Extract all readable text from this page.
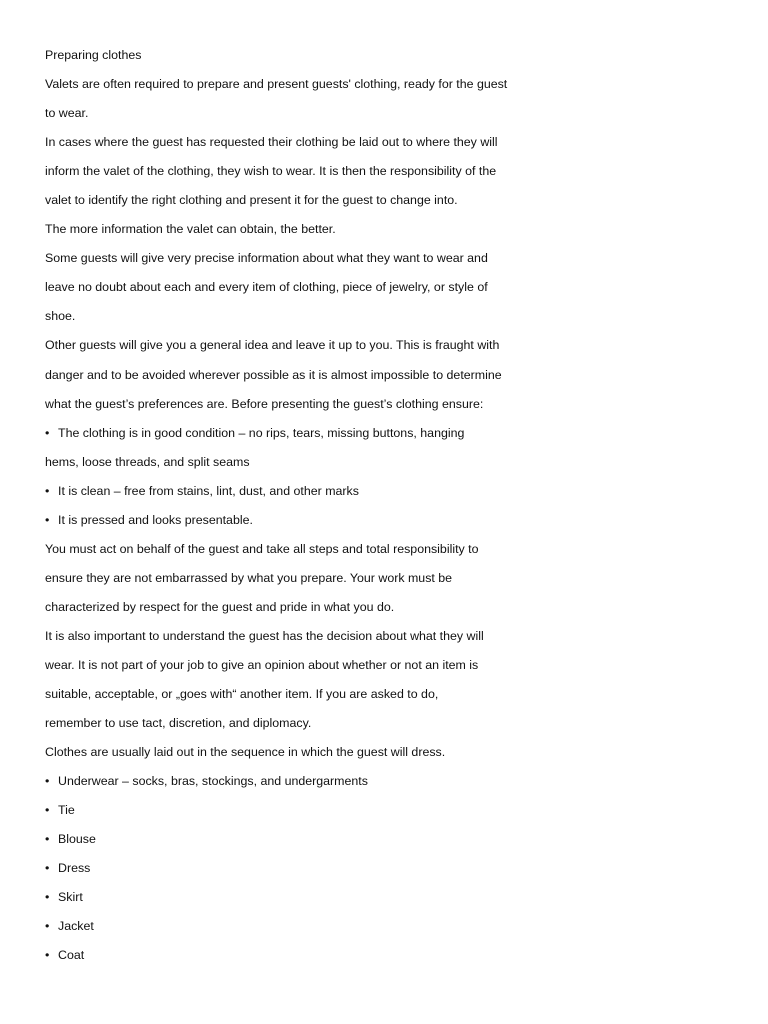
Preparing clothes
Valets are often required to prepare and present guests' clothing, ready for the guest
to wear.
In cases where the guest has requested their clothing be laid out to where they will
inform the valet of the clothing, they wish to wear. It is then the responsibility of the
valet to identify the right clothing and present it for the guest to change into.
The more information the valet can obtain, the better.
Some guests will give very precise information about what they want to wear and
leave no doubt about each and every item of clothing, piece of jewelry, or style of
shoe.
Other guests will give you a general idea and leave it up to you. This is fraught with
danger and to be avoided wherever possible as it is almost impossible to determine
what the guest’s preferences are. Before presenting the guest’s clothing ensure:
• The clothing is in good condition – no rips, tears, missing buttons, hanging
hems, loose threads, and split seams
• It is clean – free from stains, lint, dust, and other marks
• It is pressed and looks presentable.
You must act on behalf of the guest and take all steps and total responsibility to
ensure they are not embarrassed by what you prepare. Your work must be
characterized by respect for the guest and pride in what you do.
It is also important to understand the guest has the decision about what they will
wear. It is not part of your job to give an opinion about whether or not an item is
suitable, acceptable, or „goes with“ another item. If you are asked to do,
remember to use tact, discretion, and diplomacy.
Clothes are usually laid out in the sequence in which the guest will dress.
• Underwear – socks, bras, stockings, and undergarments
• Tie
• Blouse
• Dress
• Skirt
• Jacket
• Coat
